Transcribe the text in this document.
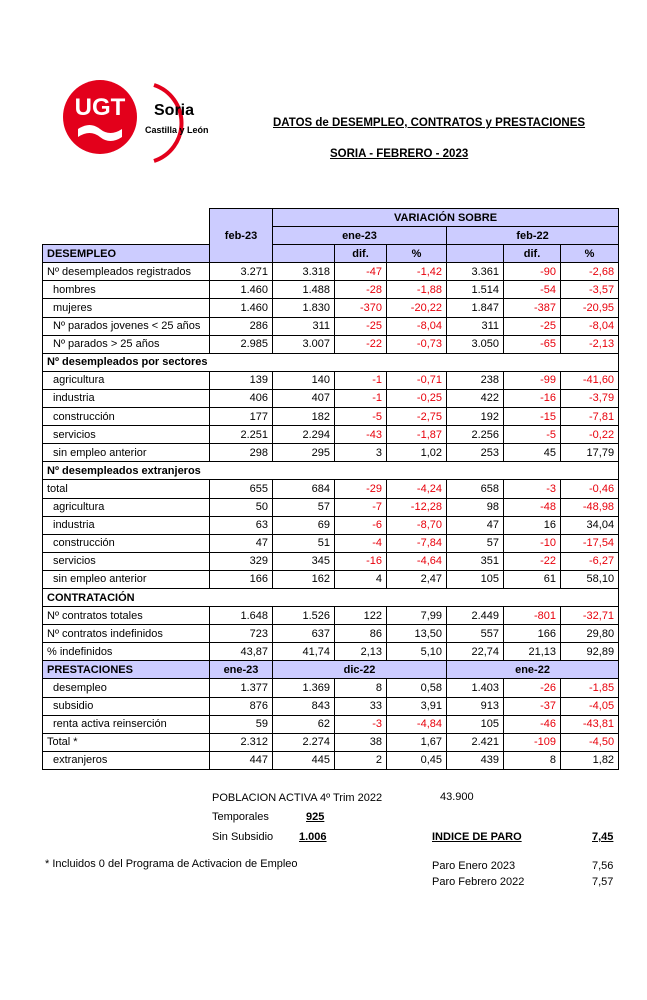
UGT Soria
Castilla y León
DATOS de DESEMPLEO, CONTRATOS y PRESTACIONES
SORIA - FEBRERO - 2023
		VARIACIÓN SOBRE					
	feb-23	ene-23			feb-22		
DESEMPLEO			dif.	%		dif.	%
Nº desempleados registrados	3.271	3.318	-47	-1,42	3.361	-90	-2,68
hombres	1.460	1.488	-28	-1,88	1.514	-54	-3,57
mujeres	1.460	1.830	-370	-20,22	1.847	-387	-20,95
Nº parados jovenes < 25 años	286	311	-25	-8,04	311	-25	-8,04
Nº parados > 25 años	2.985	3.007	-22	-0,73	3.050	-65	-2,13
Nº desempleados por sectores							
agricultura	139	140	-1	-0,71	238	-99	-41,60
industria	406	407	-1	-0,25	422	-16	-3,79
construcción	177	182	-5	-2,75	192	-15	-7,81
servicios	2.251	2.294	-43	-1,87	2.256	-5	-0,22
sin empleo anterior	298	295	3	1,02	253	45	17,79
Nº desempleados extranjeros							
total	655	684	-29	-4,24	658	-3	-0,46
agricultura	50	57	-7	-12,28	98	-48	-48,98
industria	63	69	-6	-8,70	47	16	34,04
construcción	47	51	-4	-7,84	57	-10	-17,54
servicios	329	345	-16	-4,64	351	-22	-6,27
sin empleo anterior	166	162	4	2,47	105	61	58,10
CONTRATACIÓN							
Nº contratos totales	1.648	1.526	122	7,99	2.449	-801	-32,71
Nº contratos indefinidos	723	637	86	13,50	557	166	29,80
% indefinidos	43,87	41,74	2,13	5,10	22,74	21,13	92,89
PRESTACIONES	ene-23	dic-22			ene-22		
desempleo	1.377	1.369	8	0,58	1.403	-26	-1,85
subsidio	876	843	33	3,91	913	-37	-4,05
renta activa reinserción	59	62	-3	-4,84	105	-46	-43,81
Total *	2.312	2.274	38	1,67	2.421	-109	-4,50
extranjeros	447	445	2	0,45	439	8	1,82
POBLACION ACTIVA 4º Trim 2022	43.900
Temporales	925
Sin Subsidio 1.006	INDICE DE PARO	7,45
* Incluidos 0 del Programa de Activacion de Empleo	Paro Enero 2023	7,56
Paro Febrero 2022	7,57
